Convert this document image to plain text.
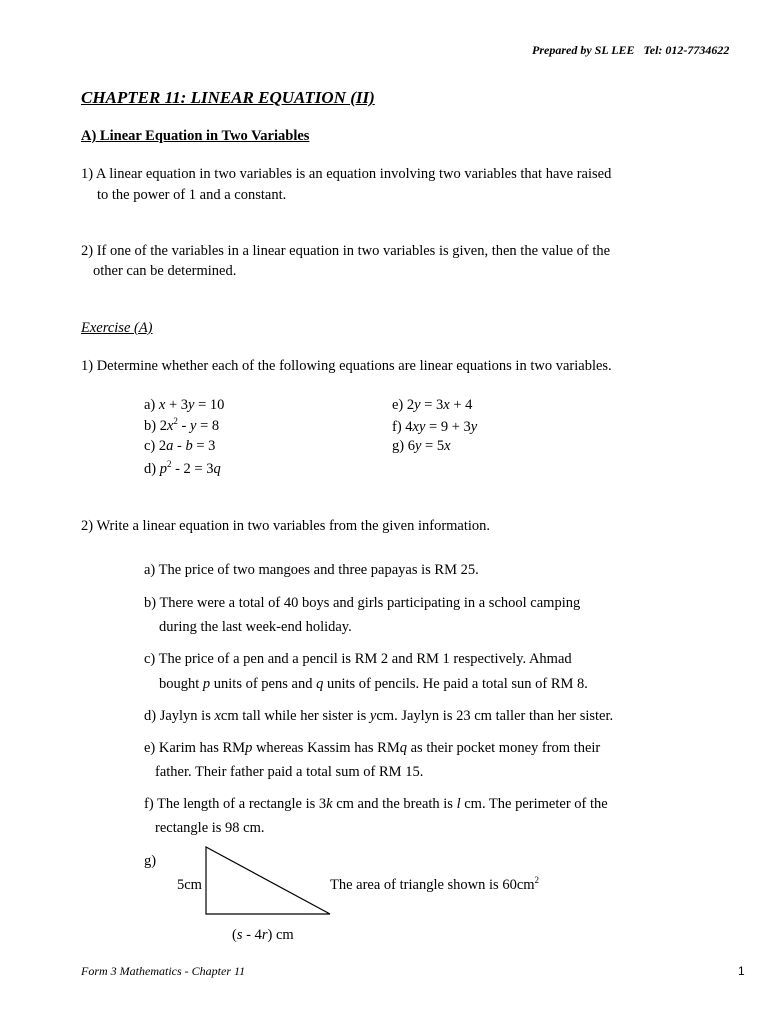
Prepared by SL LEE Tel: 012-7734622
CHAPTER 11: LINEAR EQUATION (II)
A) Linear Equation in Two Variables
1) A linear equation in two variables is an equation involving two variables that have raised
to the power of 1 and a constant.
2) If one of the variables in a linear equation in two variables is given, then the value of the
other can be determined.
Exercise (A)
1) Determine whether each of the following equations are linear equations in two variables.
a) x + 3y = 10
b) $2x^2 - y = 8$
c) 2a - b = 3
d) $p^2 - 2 = 3q$
e) 2y = 3x + 4
f) 4xy = 9 + 3y
g) 6y = 5x
2) Write a linear equation in two variables from the given information.
a) The price of two mangoes and three papayas is RM 25.
b) There were a total of 40 boys and girls participating in a school camping
during the last week-end holiday.
c) The price of a pen and a pencil is RM 2 and RM 1 respectively. Ahmad
bought p units of pens and q units of pencils. He paid a total sun of RM 8.
d) Jaylyn is xcm tall while her sister is ycm. Jaylyn is 23 cm taller than her sister.
e) Karim has RMp whereas Kassim has RMq as their pocket money from their
father. Their father paid a total sum of RM 15.
f) The length of a rectangle is 3k cm and the breath is l cm. The perimeter of the
rectangle is 98 cm.
g)
5cm	The area of triangle shown is $60cm^2$
(s - 4r) cm
Form 3 Mathematics - Chapter 11	1
